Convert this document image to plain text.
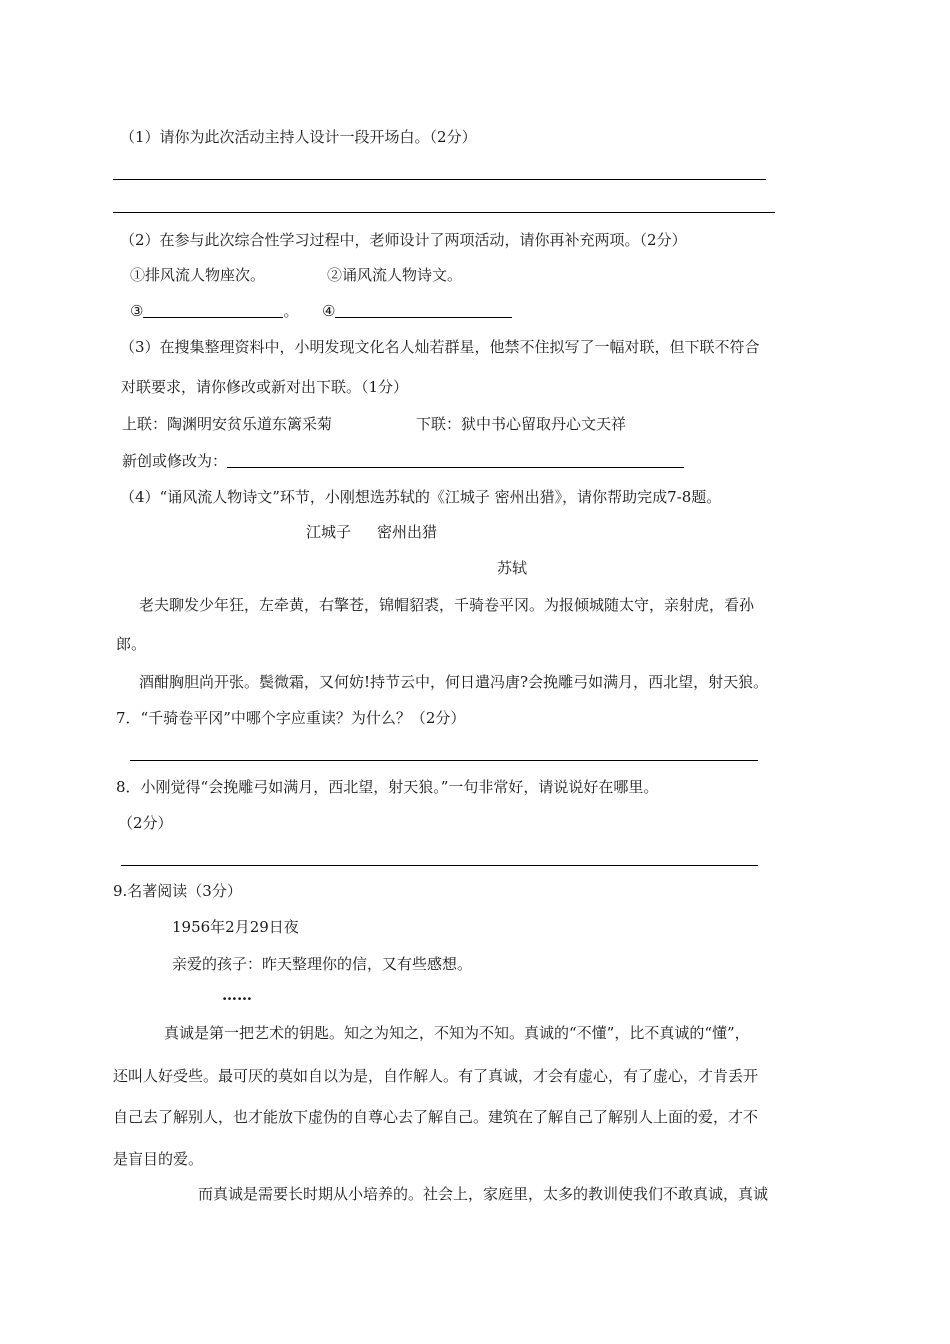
（1）请你为此次活动主持人设计一段开场白。（2分）
（2）在参与此次综合性学习过程中，老师设计了两项活动，请你再补充两项。（2分）
①排风流人物座次。	②诵风流人物诗文。
③	。 ④
（3）在搜集整理资料中，小明发现文化名人灿若群星，他禁不住拟写了一幅对联，但下联不符合
对联要求，请你修改或新对出下联。（1分）
上联：陶渊明安贫乐道东篱采菊	下联：狱中书心留取丹心文天祥
新创或修改为：
（4）“诵风流人物诗文”环节，小刚想选苏轼的《江城子 密州出猎》，请你帮助完成7-8题。
江城子 密州出猎
苏轼
老夫聊发少年狂，左牵黄，右擎苍，锦帽貂裘，千骑卷平冈。为报倾城随太守，亲射虎，看孙
郎。
酒酣胸胆尚开张。鬓微霜，又何妨!持节云中，何日遣冯唐?会挽雕弓如满月，西北望，射天狼。
7．“千骑卷平冈”中哪个字应重读？为什么？（2分）
8．小刚觉得“会挽雕弓如满月，西北望，射天狼。”一句非常好，请说说好在哪里。
（2分）
9.名著阅读（3分）
1956年2月29日夜
亲爱的孩子：昨天整理你的信，又有些感想。
……
真诚是第一把艺术的钥匙。知之为知之，不知为不知。真诚的“不懂”，比不真诚的“懂”，
还叫人好受些。最可厌的莫如自以为是，自作解人。有了真诚，才会有虚心，有了虚心，才肯丢开
自己去了解别人，也才能放下虚伪的自尊心去了解自己。建筑在了解自己了解别人上面的爱，才不
是盲目的爱。
而真诚是需要长时期从小培养的。社会上，家庭里，太多的教训使我们不敢真诚，真诚
